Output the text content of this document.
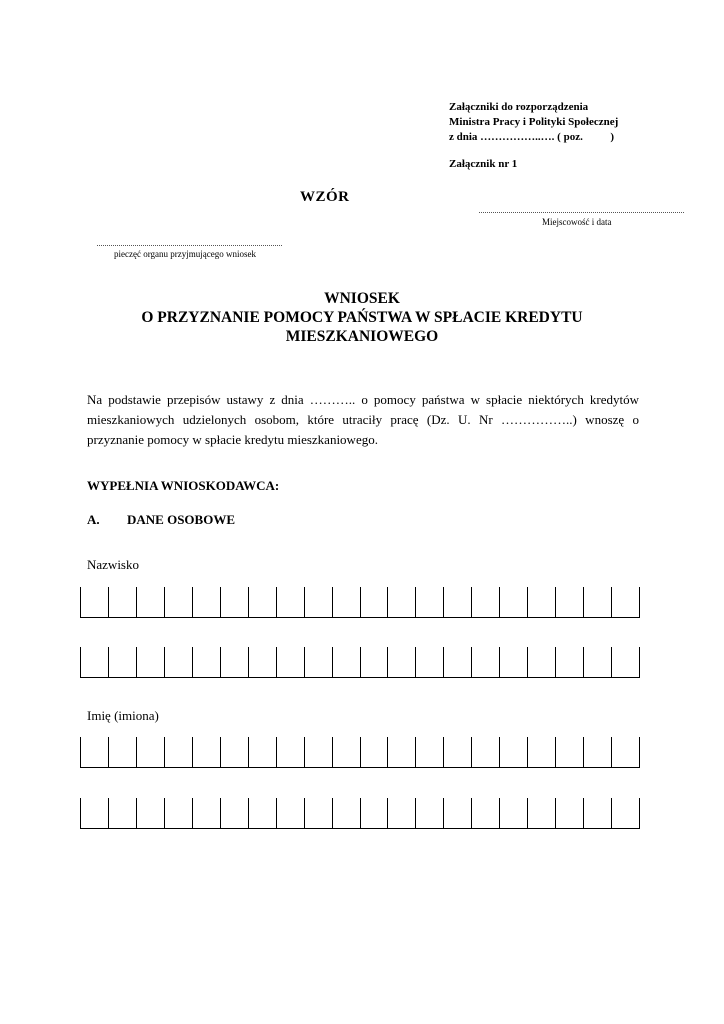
Załączniki do rozporządzenia
Ministra Pracy i Polityki Społecznej
z dnia ……………..…. ( poz.          )
Załącznik nr 1
WZÓR
Miejscowość i data
pieczęć organu przyjmującego wniosek
WNIOSEK
O PRZYZNANIE POMOCY PAŃSTWA W SPŁACIE KREDYTU
MIESZKANIOWEGO

Na podstawie przepisów ustawy z dnia ……….. o pomocy państwa w spłacie niektórych kredytów mieszkaniowych udzielonych osobom, które utraciły pracę (Dz. U. Nr ……………..) wnoszę o przyznanie pomocy w spłacie kredytu mieszkaniowego.

WYPEŁNIA WNIOSKODAWCA:
A. DANE OSOBOWE
Nazwisko
Imię (imiona)
